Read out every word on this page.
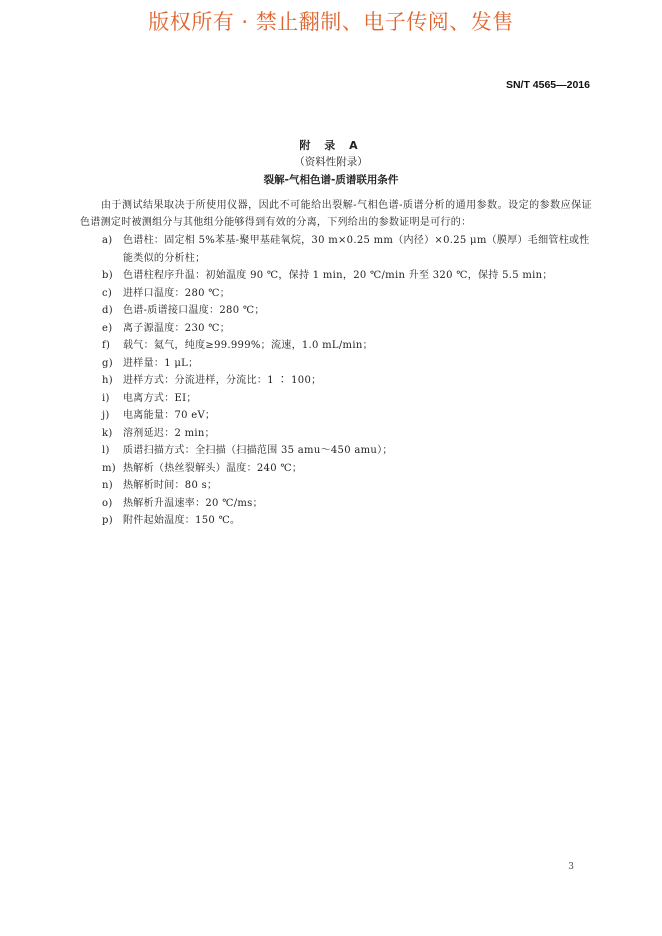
版权所有 · 禁止翻制、电子传阅、发售
SN/T 4565—2016
附 录 A
（资料性附录）
裂解-气相色谱-质谱联用条件

由于测试结果取决于所使用仪器，因此不可能给出裂解-气相色谱-质谱分析的通用参数。设定的参数应保证色谱测定时被测组分与其他组分能够得到有效的分离，下列给出的参数证明是可行的：

a) 色谱柱：固定相 5%苯基-聚甲基硅氧烷，30 m×0.25 mm（内径）×0.25 μm（膜厚）毛细管柱或性能类似的分析柱；
b) 色谱柱程序升温：初始温度 90 ℃，保持 1 min，20 ℃/min 升至 320 ℃，保持 5.5 min；
c) 进样口温度：280 ℃；
d) 色谱-质谱接口温度：280 ℃；
e) 离子源温度：230 ℃；
f) 载气：氦气，纯度≥99.999%；流速，1.0 mL/min；
g) 进样量：1 μL；
h) 进样方式：分流进样，分流比：1 ∶ 100；
i) 电离方式：EI；
j) 电离能量：70 eV；
k) 溶剂延迟：2 min；
l) 质谱扫描方式：全扫描（扫描范围 35 amu～450 amu）；
m) 热解析（热丝裂解头）温度：240 ℃；
n) 热解析时间：80 s；
o) 热解析升温速率：20 ℃/ms；
p) 附件起始温度：150 ℃。
3
